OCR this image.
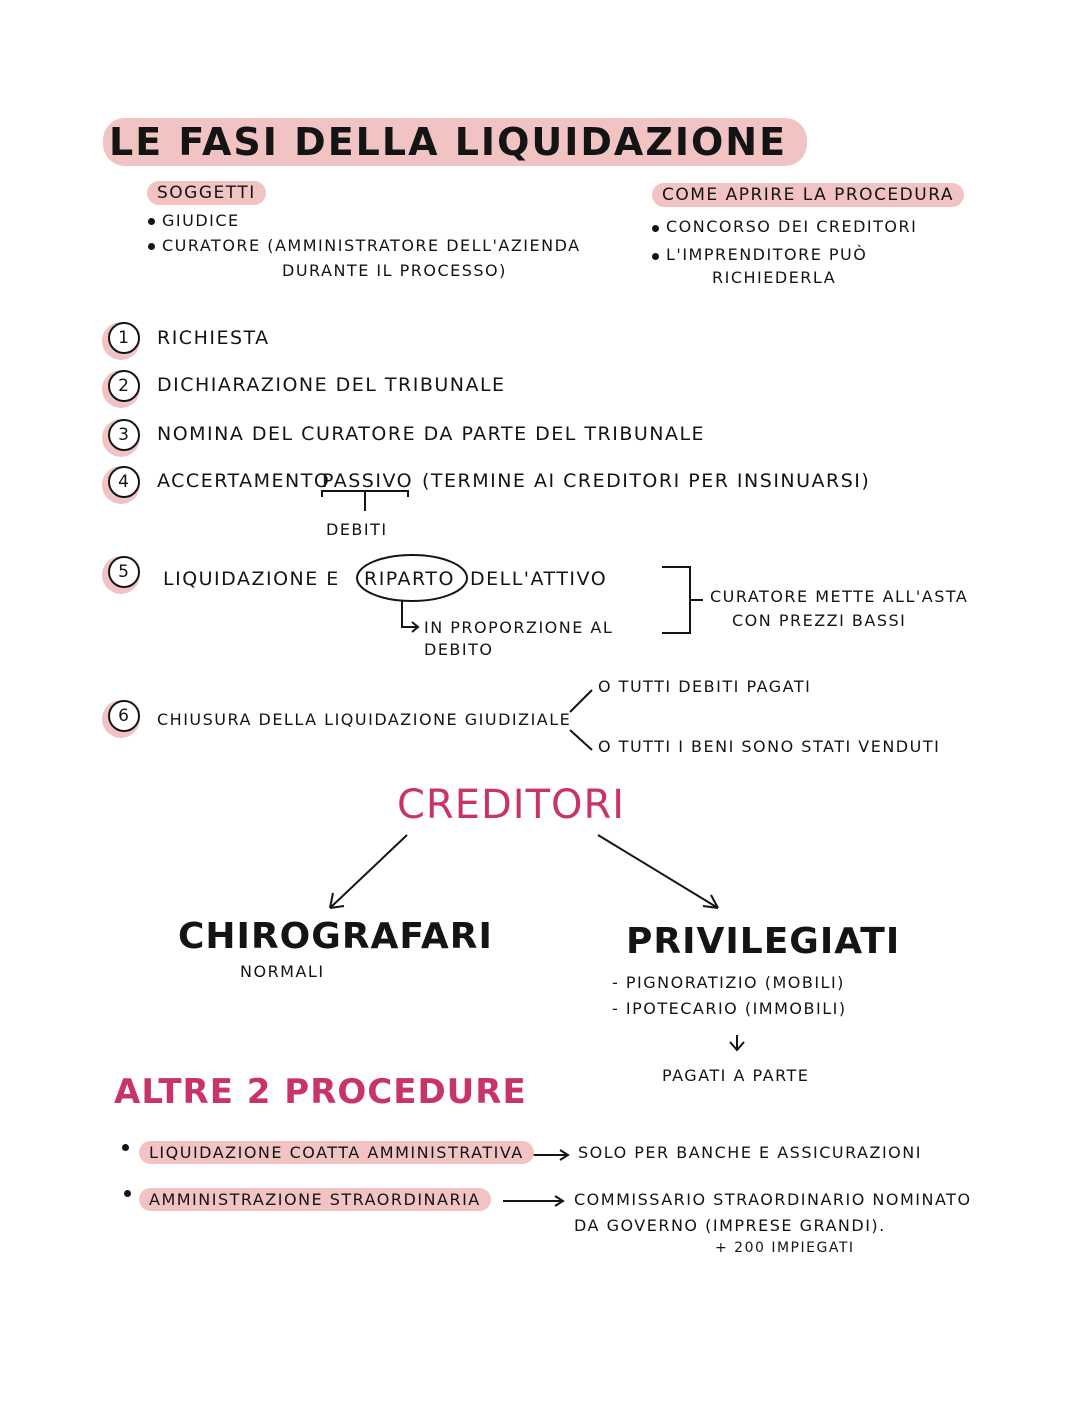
LE FASI DELLA LIQUIDAZIONE
SOGGETTI
GIUDICE
CURATORE (AMMINISTRATORE DELL'AZIENDA
DURANTE IL PROCESSO)
COME APRIRE LA PROCEDURA
CONCORSO DEI CREDITORI
L'IMPRENDITORE PUÒ
RICHIEDERLA
1	RICHIESTA
2	DICHIARAZIONE DEL TRIBUNALE
3	NOMINA DEL CURATORE DA PARTE DEL TRIBUNALE
4	ACCERTAMENTO
PASSIVO (TERMINE AI CREDITORI PER INSINUARSI)
DEBITI
5	LIQUIDAZIONE E RIPARTO DELL'ATTIVO
IN PROPORZIONE AL DEBITO
CURATORE METTE ALL'ASTA
CON PREZZI BASSI
6	CHIUSURA DELLA LIQUIDAZIONE GIUDIZIALE
O TUTTI DEBITI PAGATI
O TUTTI I BENI SONO STATI VENDUTI
CREDITORI
CHIROGRAFARI
NORMALI
PRIVILEGIATI
- PIGNORATIZIO (MOBILI)
- IPOTECARIO (IMMOBILI)
PAGATI A PARTE
ALTRE 2 PROCEDURE
LIQUIDAZIONE COATTA AMMINISTRATIVA	SOLO PER BANCHE E ASSICURAZIONI
AMMINISTRAZIONE STRAORDINARIA	COMMISSARIO STRAORDINARIO NOMINATO
DA GOVERNO (IMPRESE GRANDI).
+ 200 IMPIEGATI
